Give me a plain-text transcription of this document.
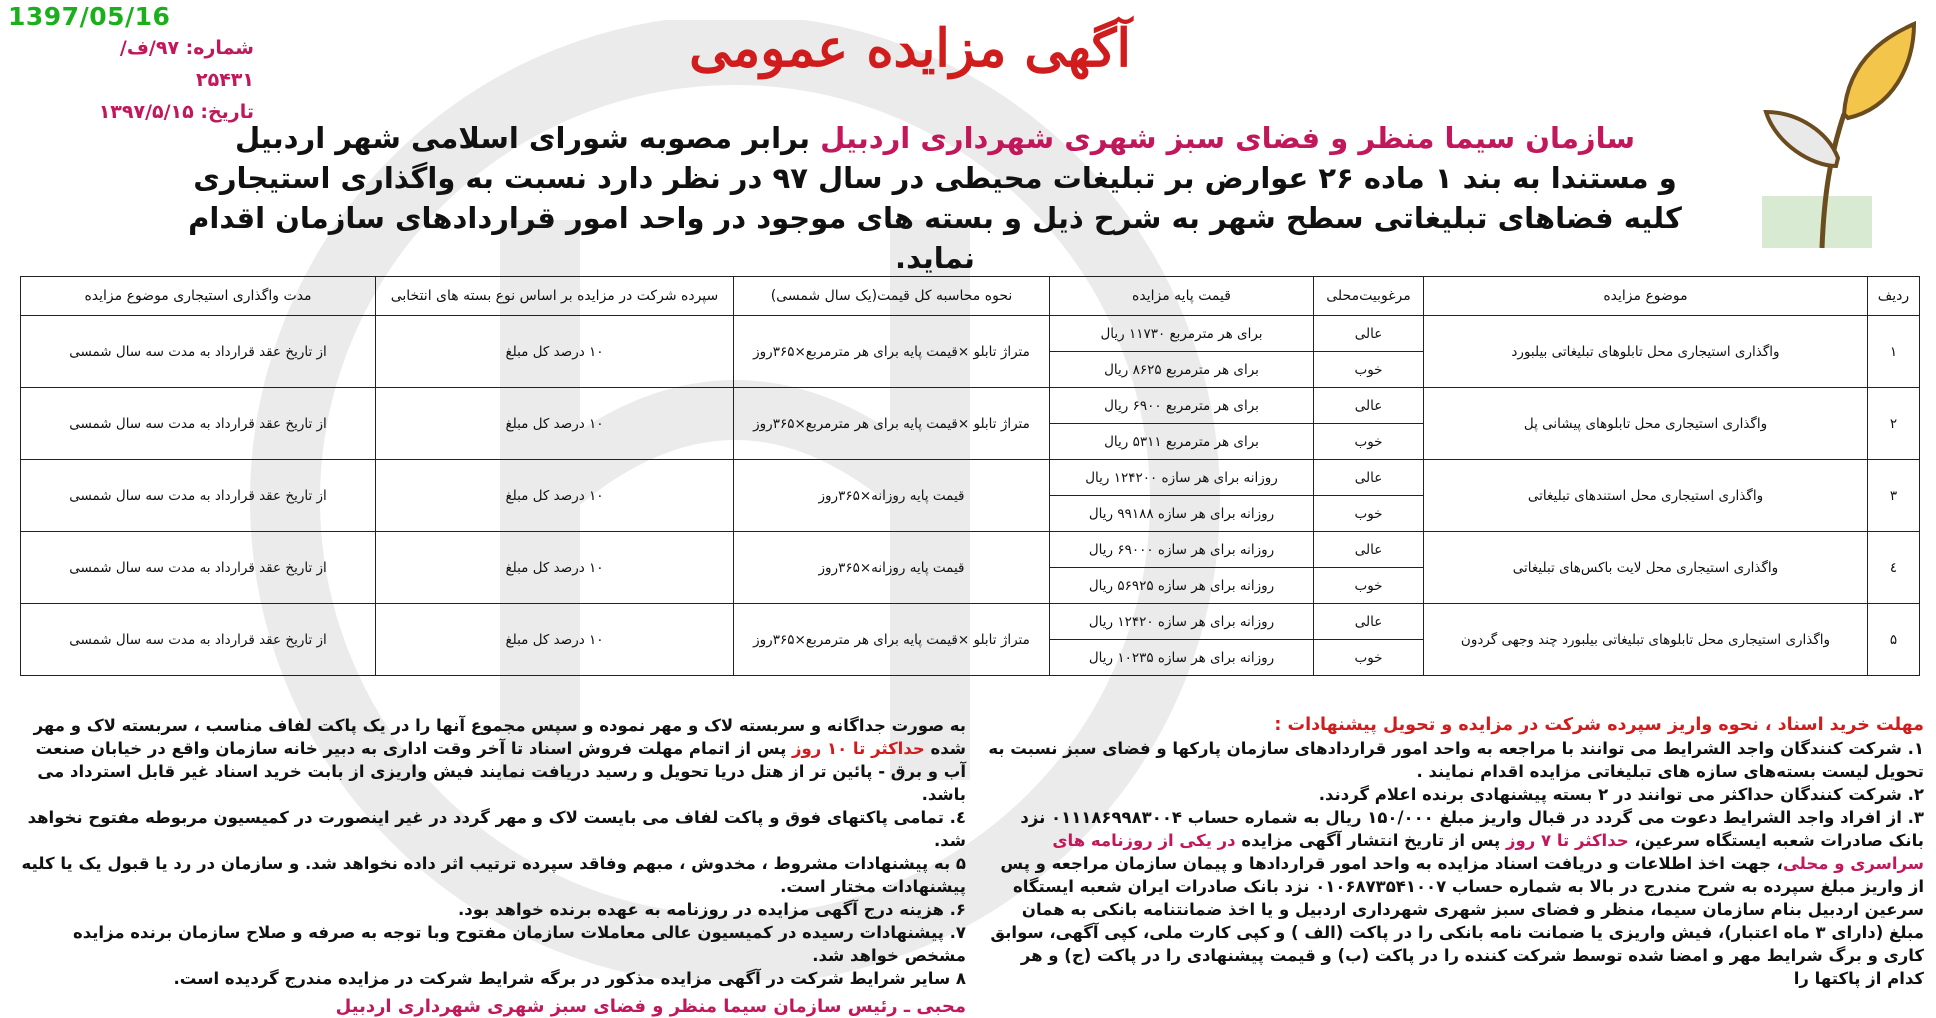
1397/05/16
شماره: ۹۷/ف/۲۵۴۳۱
تاریخ: ۱۳۹۷/۵/۱۵
آگهی مزایده عمومی

سازمان سیما منظر و فضای سبز شهری شهرداری اردبیل برابر مصوبه شورای اسلامی شهر اردبیل

و مستندا به بند ۱ ماده ۲۶ عوارض بر تبلیغات محیطی در سال ۹۷ در نظر دارد نسبت به واگذاری استیجاری

کلیه فضاهای تبلیغاتی سطح شهر به شرح ذیل و بسته های موجود در واحد امور قراردادهای سازمان اقدام نماید.

ردیف	موضوع مزایده	مرغوبیت‌محلی	قیمت پایه مزایده	نحوه محاسبه کل قیمت(یک سال شمسی)	سپرده شرکت در مزایده بر اساس نوع بسته های انتخابی	مدت واگذاری استیجاری موضوع مزایده
۱	واگذاری استیجاری محل تابلوهای تبلیغاتی بیلبورد	عالی	برای هر مترمربع ۱۱۷۳۰ ریال	متراژ تابلو ×قیمت پایه برای هر مترمربع×۳۶۵روز	۱۰ درصد کل مبلغ	از تاریخ عقد قرارداد به مدت سه سال شمسی
		خوب	برای هر مترمربع ۸۶۲۵ ریال			
۲	واگذاری استیجاری محل تابلوهای پیشانی پل	عالی	برای هر مترمربع ۶۹۰۰ ریال	متراژ تابلو ×قیمت پایه برای هر مترمربع×۳۶۵روز	۱۰ درصد کل مبلغ	از تاریخ عقد قرارداد به مدت سه سال شمسی
		خوب	برای هر مترمربع ۵۳۱۱ ریال			
۳	واگذاری استیجاری محل استندهای تبلیغاتی	عالی	روزانه برای هر سازه ۱۲۴۲۰۰ ریال	قیمت پایه روزانه×۳۶۵روز	۱۰ درصد کل مبلغ	از تاریخ عقد قرارداد به مدت سه سال شمسی
		خوب	روزانه برای هر سازه ۹۹۱۸۸ ریال			
٤	واگذاری استیجاری محل لایت باکس‌های تبلیغاتی	عالی	روزانه برای هر سازه ۶۹۰۰۰ ریال	قیمت پایه روزانه×۳۶۵روز	۱۰ درصد کل مبلغ	از تاریخ عقد قرارداد به مدت سه سال شمسی
		خوب	روزانه برای هر سازه ۵۶۹۲۵ ریال			
۵	واگذاری استیجاری محل تابلوهای تبلیغاتی بیلبورد چند وجهی گردون	عالی	روزانه برای هر سازه ۱۲۴۲۰ ریال	متراژ تابلو ×قیمت پایه برای هر مترمربع×۳۶۵روز	۱۰ درصد کل مبلغ	از تاریخ عقد قرارداد به مدت سه سال شمسی
		خوب	روزانه برای هر سازه ۱۰۲۳۵ ریال			

مهلت خرید اسناد ، نحوه واریز سپرده شرکت در مزایده و تحویل پیشنهادات :

۱. شرکت کنندگان واجد الشرایط می توانند با مراجعه به واحد امور قراردادهای سازمان پارکها و فضای سبز نسبت به تحویل لیست بسته‌های سازه های تبلیغاتی مزایده اقدام نمایند .

۲. شرکت کنندگان حداکثر می توانند در ۲ بسته پیشنهادی برنده اعلام گردند.

۳. از افراد واجد الشرایط دعوت می گردد در قبال واریز مبلغ ۱۵۰/۰۰۰ ریال به شماره حساب ۰۱۱۱۸۶۹۹۸۳۰۰۴ نزد بانک صادرات شعبه ایستگاه سرعین، حداکثر تا ۷ روز پس از تاریخ انتشار آگهی مزایده در یکی از روزنامه های سراسری و محلی، جهت اخذ اطلاعات و دریافت اسناد مزایده به واحد امور قراردادها و پیمان سازمان مراجعه و پس از واریز مبلغ سپرده به شرح مندرج در بالا به شماره حساب ۰۱۰۶۸۷۳۵۴۱۰۰۷ نزد بانک صادرات ایران شعبه ایستگاه سرعین اردبیل بنام سازمان سیما، منظر و فضای سبز شهری شهرداری اردبیل و یا اخذ ضمانتنامه بانکی به همان مبلغ (دارای ۳ ماه اعتبار)، فیش واریزی یا ضمانت نامه بانکی را در پاکت (الف ) و کپی کارت ملی، کپی آگهی، سوابق کاری و برگ شرایط مهر و امضا شده توسط شرکت کننده را در پاکت (ب) و قیمت پیشنهادی را در پاکت (ج) و هر کدام از پاکتها را

به صورت جداگانه و سربسته لاک و مهر نموده و سپس مجموع آنها را در یک پاکت لفاف مناسب ، سربسته لاک و مهر شده حداکثر تا ۱۰ روز پس از اتمام مهلت فروش اسناد تا آخر وقت اداری به دبیر خانه سازمان واقع در خیابان صنعت آب و برق - پائین تر از هتل دریا تحویل و رسید دریافت نمایند فیش واریزی از بابت خرید اسناد غیر قابل استرداد می باشد.

٤. تمامی پاکتهای فوق و پاکت لفاف می بایست لاک و مهر گردد در غیر اینصورت در کمیسیون مربوطه مفتوح نخواهد شد.

۵ به پیشنهادات مشروط ، مخدوش ، مبهم وفاقد سپرده ترتیب اثر داده نخواهد شد. و سازمان در رد یا قبول یک یا کلیه پیشنهادات مختار است.

۶. هزینه درج آگهی مزایده در روزنامه به عهده برنده خواهد بود.

۷. پیشنهادات رسیده در کمیسیون عالی معاملات سازمان مفتوح وبا توجه به صرفه و صلاح سازمان برنده مزایده مشخص خواهد شد.

۸ سایر شرایط شرکت در آگهی مزایده مذکور در برگه شرایط شرکت در مزایده مندرج گردیده است.

محبی ـ رئیس سازمان سیما منظر و فضای سبز شهری شهرداری اردبیل
